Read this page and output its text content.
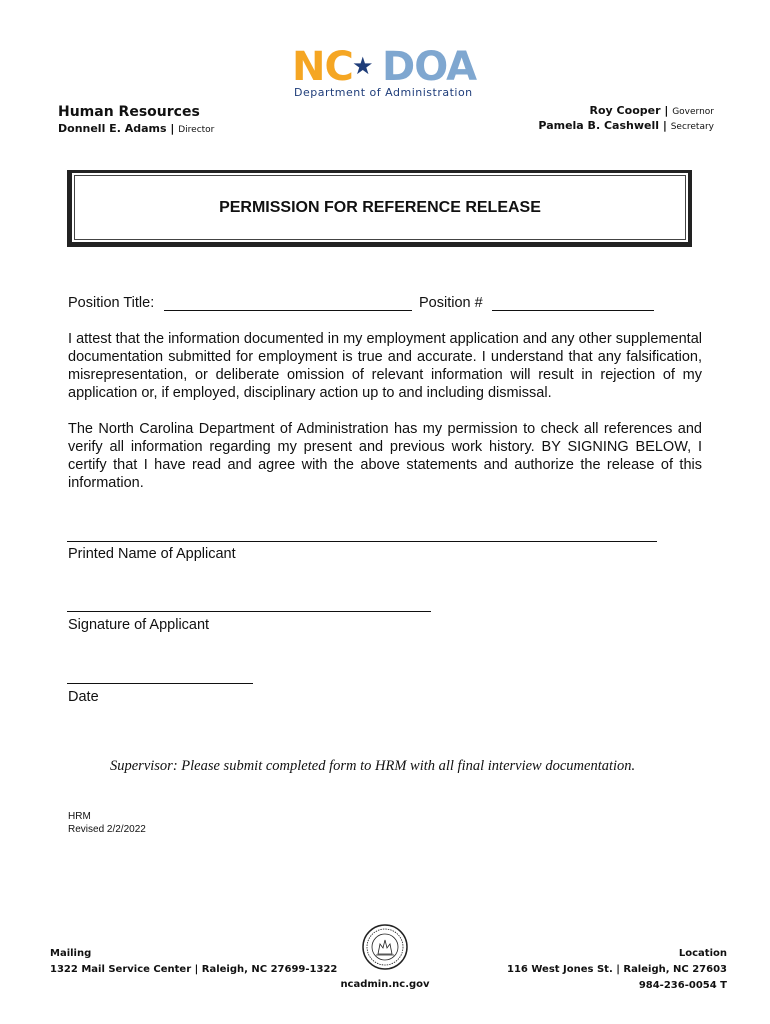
NC ★ DOA
Department of Administration
Human Resources
Donnell E. Adams | Director
Roy Cooper | Governor
Pamela B. Cashwell | Secretary
PERMISSION FOR REFERENCE RELEASE
Position Title:	Position #
I attest that the information documented in my employment application and any other supplemental documentation submitted for employment is true and accurate. I understand that any falsification, misrepresentation, or deliberate omission of relevant information will result in rejection of my application or, if employed, disciplinary action up to and including dismissal.
The North Carolina Department of Administration has my permission to check all references and verify all information regarding my present and previous work history. BY SIGNING BELOW, I certify that I have read and agree with the above statements and authorize the release of this information.
Printed Name of Applicant
Signature of Applicant
Date
Supervisor: Please submit completed form to HRM with all final interview documentation.
HRM
Revised 2/2/2022
Mailing
1322 Mail Service Center | Raleigh, NC 27699-1322
ncadmin.nc.gov
Location
116 West Jones St. | Raleigh, NC 27603
984-236-0054 T
